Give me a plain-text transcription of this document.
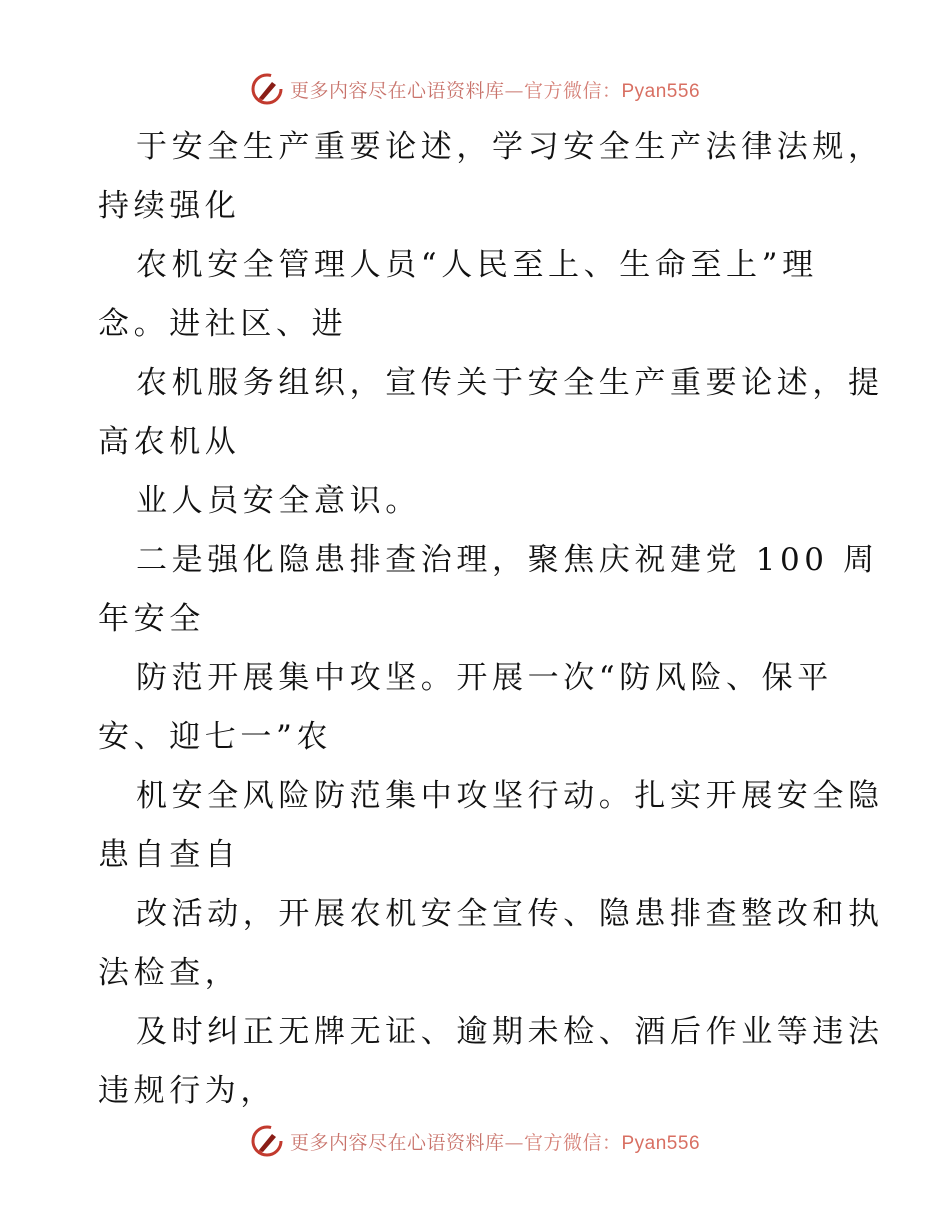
更多内容尽在心语资料库—官方微信：Pyan556
于安全生产重要论述，学习安全生产法律法规，
持续强化
农机安全管理人员“人民至上、生命至上”理
念。进社区、进
农机服务组织，宣传关于安全生产重要论述，提
高农机从
业人员安全意识。
二是强化隐患排查治理，聚焦庆祝建党 100 周
年安全
防范开展集中攻坚。开展一次“防风险、保平
安、迎七一”农
机安全风险防范集中攻坚行动。扎实开展安全隐
患自查自
改活动，开展农机安全宣传、隐患排查整改和执
法检查，
及时纠正无牌无证、逾期未检、酒后作业等违法
违规行为，
更多内容尽在心语资料库—官方微信：Pyan556
